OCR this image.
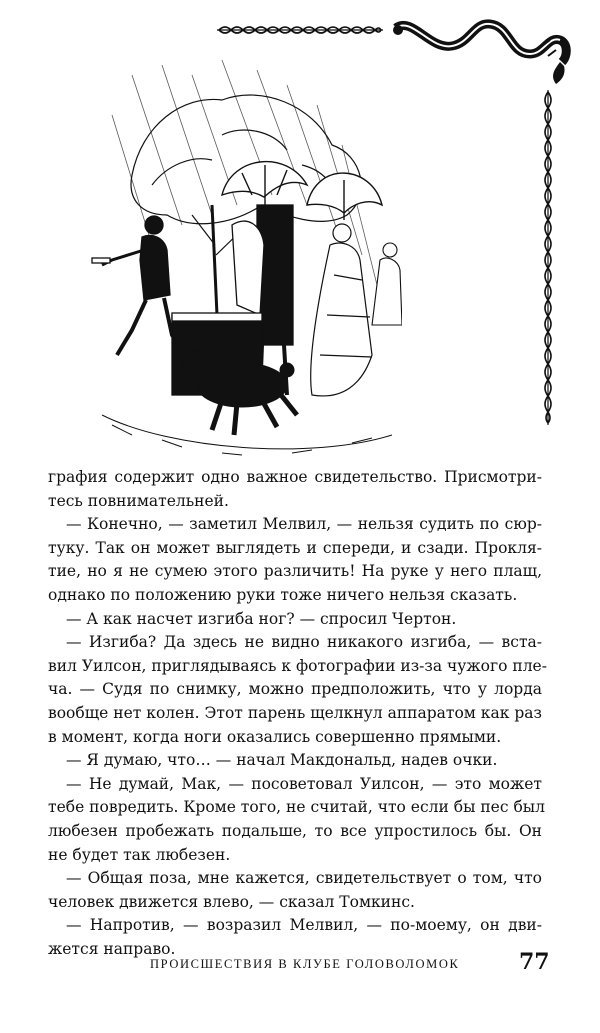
графия содержит одно важное свидетельство. Присмотри-
тесь повнимательней.
— Конечно, — заметил Мелвил, — нельзя судить по сюр-
туку. Так он может выглядеть и спереди, и сзади. Прокля-
тие, но я не сумею этого различить! На руке у него плащ,
однако по положению руки тоже ничего нельзя сказать.
— А как насчет изгиба ног? — спросил Чертон.
— Изгиба? Да здесь не видно никакого изгиба, — вста-
вил Уилсон, приглядываясь к фотографии из-за чужого пле-
ча. — Судя по снимку, можно предположить, что у лорда
вообще нет колен. Этот парень щелкнул аппаратом как раз
в момент, когда ноги оказались совершенно прямыми.
— Я думаю, что… — начал Макдональд, надев очки.
— Не думай, Мак, — посоветовал Уилсон, — это может
тебе повредить. Кроме того, не считай, что если бы пес был
любезен пробежать подальше, то все упростилось бы. Он
не будет так любезен.
— Общая поза, мне кажется, свидетельствует о том, что
человек движется влево, — сказал Томкинс.
— Напротив, — возразил Мелвил, — по-моему, он дви-
жется направо.
ПРОИСШЕСТВИЯ В КЛУБЕ ГОЛОВОЛОМОК	77
